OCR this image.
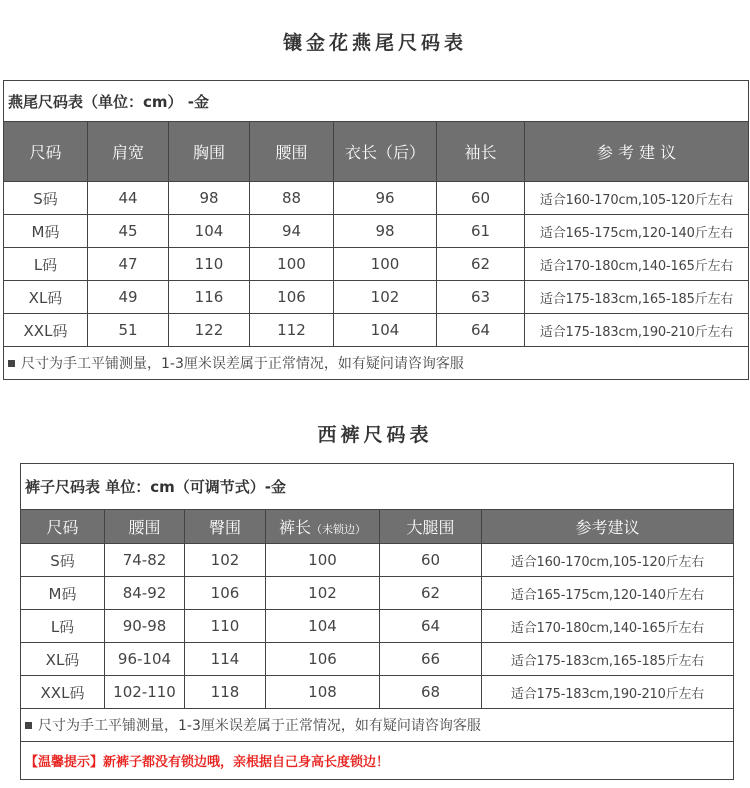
镶金花燕尾尺码表
燕尾尺码表（单位：cm） -金						
尺码	肩宽	胸围	腰围	衣长（后）	袖长	参 考 建 议
S码	44	98	88	96	60	适合160-170cm,105-120斤左右
M码	45	104	94	98	61	适合165-175cm,120-140斤左右
L码	47	110	100	100	62	适合170-180cm,140-165斤左右
XL码	49	116	106	102	63	适合175-183cm,165-185斤左右
XXL码	51	122	112	104	64	适合175-183cm,190-210斤左右
尺寸为手工平铺测量，1-3厘米误差属于正常情况，如有疑问请咨询客服						
西裤尺码表
裤子尺码表 单位：cm（可调节式）-金					
尺码	腰围	臀围	裤长（未锁边）	大腿围	参考建议
S码	74-82	102	100	60	适合160-170cm,105-120斤左右
M码	84-92	106	102	62	适合165-175cm,120-140斤左右
L码	90-98	110	104	64	适合170-180cm,140-165斤左右
XL码	96-104	114	106	66	适合175-183cm,165-185斤左右
XXL码	102-110	118	108	68	适合175-183cm,190-210斤左右
尺寸为手工平铺测量，1-3厘米误差属于正常情况，如有疑问请咨询客服					
【温馨提示】新裤子都没有锁边哦，亲根据自己身高长度锁边！					
